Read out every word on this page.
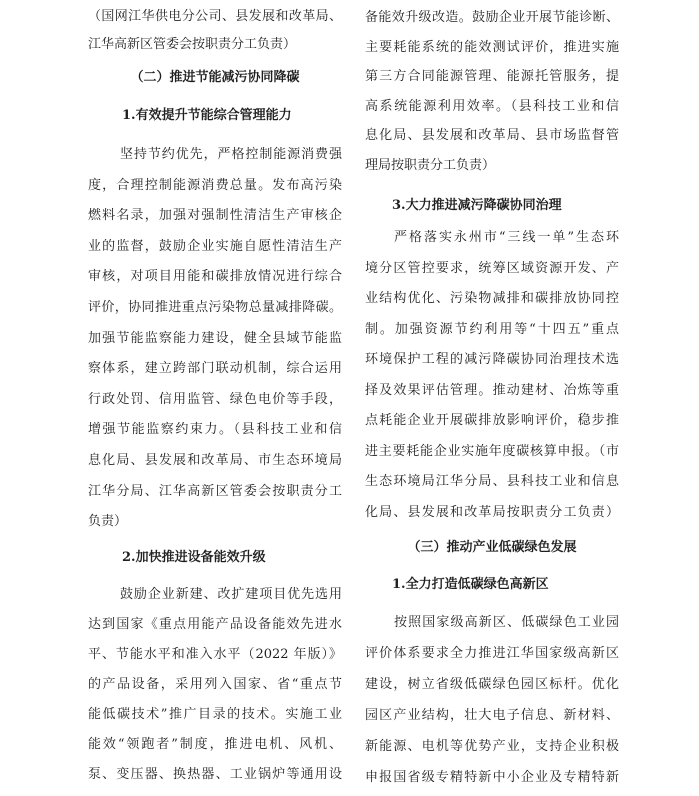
（国网江华供电分公司、县发展和改革局、
江华高新区管委会按职责分工负责）
（二）推进节能减污协同降碳
1.有效提升节能综合管理能力
坚持节约优先，严格控制能源消费强
度，合理控制能源消费总量。发布高污染
燃料名录，加强对强制性清洁生产审核企
业的监督，鼓励企业实施自愿性清洁生产
审核，对项目用能和碳排放情况进行综合
评价，协同推进重点污染物总量减排降碳。
加强节能监察能力建设，健全县域节能监
察体系，建立跨部门联动机制，综合运用
行政处罚、信用监管、绿色电价等手段，
增强节能监察约束力。（县科技工业和信
息化局、县发展和改革局、市生态环境局
江华分局、江华高新区管委会按职责分工
负责）
2.加快推进设备能效升级
鼓励企业新建、改扩建项目优先选用
达到国家《重点用能产品设备能效先进水
平、节能水平和准入水平（2022 年版）》
的产品设备，采用列入国家、省“重点节
能低碳技术”推广目录的技术。实施工业
能效“领跑者”制度，推进电机、风机、
泵、变压器、换热器、工业锅炉等通用设
备能效升级改造。鼓励企业开展节能诊断、
主要耗能系统的能效测试评价，推进实施
第三方合同能源管理、能源托管服务，提
高系统能源利用效率。（县科技工业和信
息化局、县发展和改革局、县市场监督管
理局按职责分工负责）
3.大力推进减污降碳协同治理
严格落实永州市“三线一单”生态环
境分区管控要求，统筹区域资源开发、产
业结构优化、污染物减排和碳排放协同控
制。加强资源节约利用等“十四五”重点
环境保护工程的减污降碳协同治理技术选
择及效果评估管理。推动建材、冶炼等重
点耗能企业开展碳排放影响评价，稳步推
进主要耗能企业实施年度碳核算申报。（市
生态环境局江华分局、县科技工业和信息
化局、县发展和改革局按职责分工负责）
（三）推动产业低碳绿色发展
1.全力打造低碳绿色高新区
按照国家级高新区、低碳绿色工业园
评价体系要求全力推进江华国家级高新区
建设，树立省级低碳绿色园区标杆。优化
园区产业结构，壮大电子信息、新材料、
新能源、电机等优势产业，支持企业积极
申报国省级专精特新中小企业及专精特新
